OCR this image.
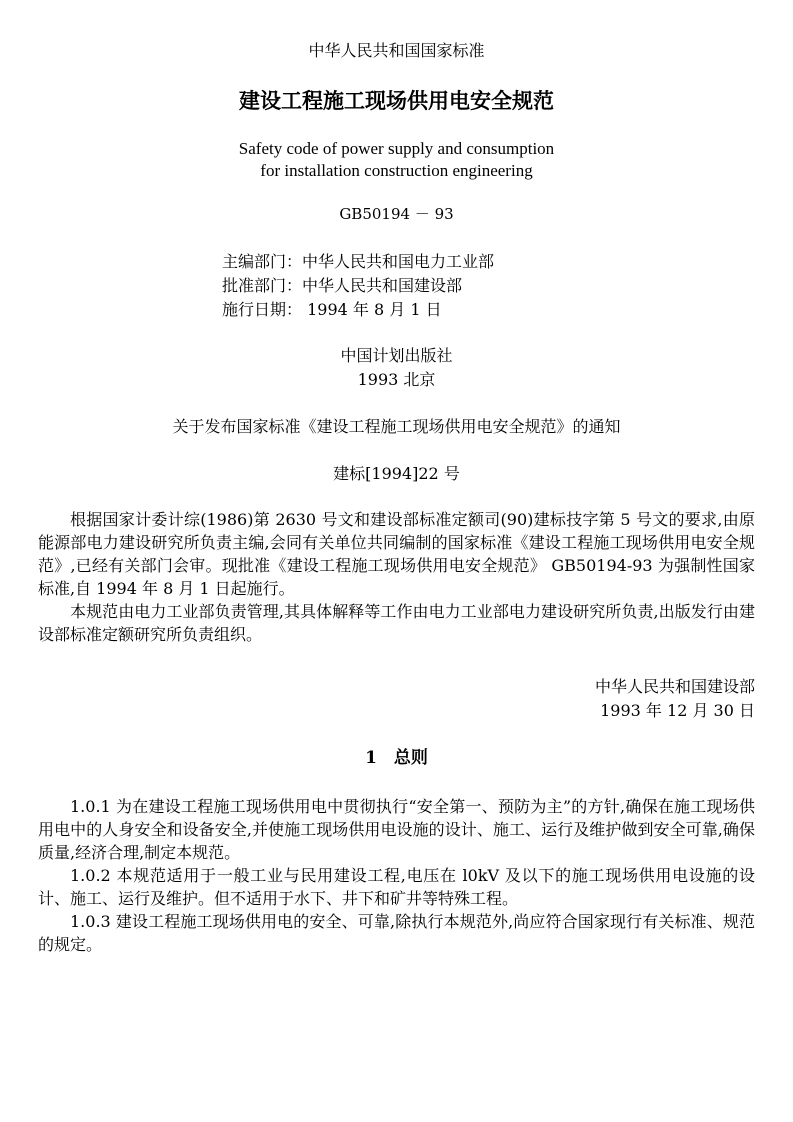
中华人民共和国国家标准
建设工程施工现场供用电安全规范
Safety code of power supply and consumption
for installation construction engineering
GB50194 － 93
主编部门：中华人民共和国电力工业部
批准部门：中华人民共和国建设部
施行日期： 1994 年 8 月 1 日
中国计划出版社
1993 北京
关于发布国家标准《建设工程施工现场供用电安全规范》的通知
建标[1994]22 号

根据国家计委计综(1986)第 2630 号文和建设部标准定额司(90)建标技字第 5 号文的要求,由原能源部电力建设研究所负责主编,会同有关单位共同编制的国家标准《建设工程施工现场供用电安全规范》,已经有关部门会审。现批准《建设工程施工现场供用电安全规范》 GB50194-93 为强制性国家标准,自 1994 年 8 月 1 日起施行。

本规范由电力工业部负责管理,其具体解释等工作由电力工业部电力建设研究所负责,出版发行由建设部标准定额研究所负责组织。

中华人民共和国建设部
1993 年 12 月 30 日
1　总则

1.0.1 为在建设工程施工现场供用电中贯彻执行“安全第一、预防为主”的方针,确保在施工现场供用电中的人身安全和设备安全,并使施工现场供用电设施的设计、施工、运行及维护做到安全可靠,确保质量,经济合理,制定本规范。

1.0.2 本规范适用于一般工业与民用建设工程,电压在 l0kV 及以下的施工现场供用电设施的设计、施工、运行及维护。但不适用于水下、井下和矿井等特殊工程。

1.0.3 建设工程施工现场供用电的安全、可靠,除执行本规范外,尚应符合国家现行有关标准、规范的规定。
